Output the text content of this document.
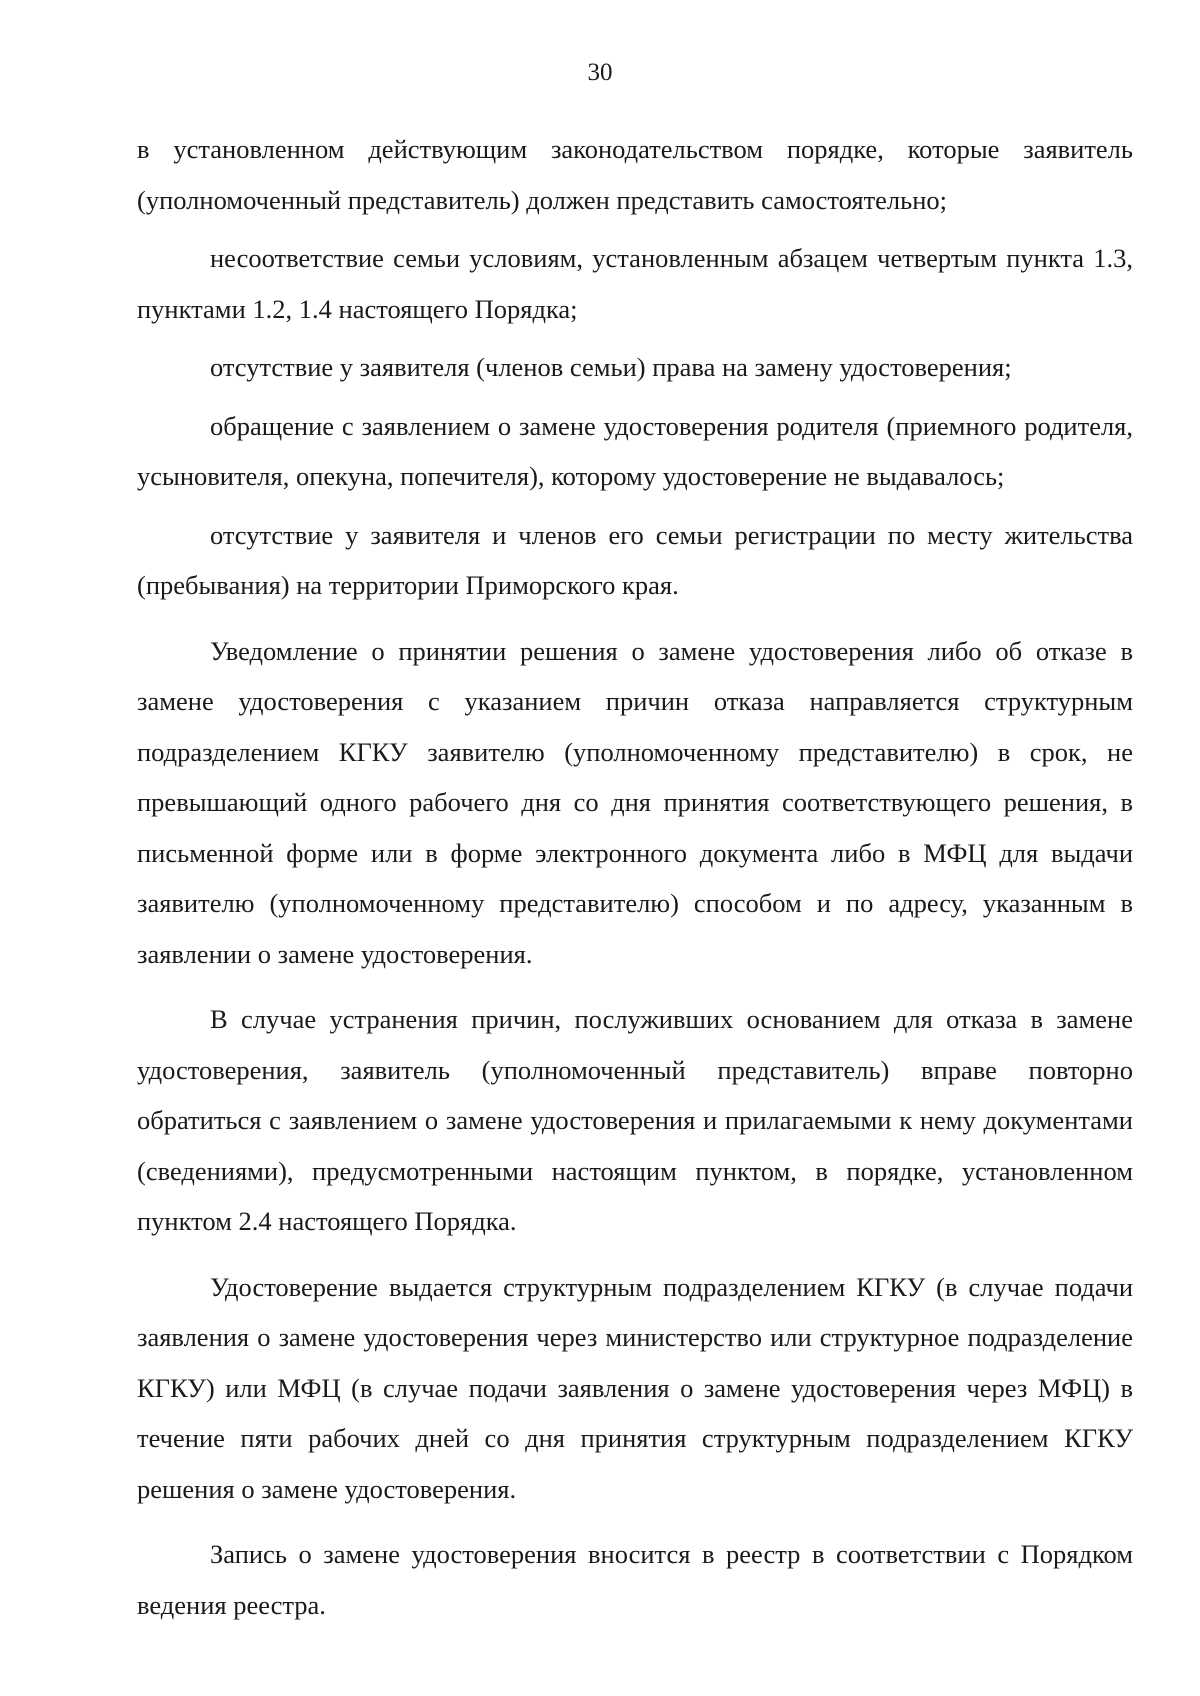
30

в установленном действующим законодательством порядке, которые заявитель (уполномоченный представитель) должен представить самостоятельно;

несоответствие семьи условиям, установленным абзацем четвертым пункта 1.3, пунктами 1.2, 1.4 настоящего Порядка;

отсутствие у заявителя (членов семьи) права на замену удостоверения;

обращение с заявлением о замене удостоверения родителя (приемного родителя, усыновителя, опекуна, попечителя), которому удостоверение не выдавалось;

отсутствие у заявителя и членов его семьи регистрации по месту жительства (пребывания) на территории Приморского края.

Уведомление о принятии решения о замене удостоверения либо об отказе в замене удостоверения с указанием причин отказа направляется структурным подразделением КГКУ заявителю (уполномоченному представителю) в срок, не превышающий одного рабочего дня со дня принятия соответствующего решения, в письменной форме или в форме электронного документа либо в МФЦ для выдачи заявителю (уполномоченному представителю) способом и по адресу, указанным в заявлении о замене удостоверения.

В случае устранения причин, послуживших основанием для отказа в замене удостоверения, заявитель (уполномоченный представитель) вправе повторно обратиться с заявлением о замене удостоверения и прилагаемыми к нему документами (сведениями), предусмотренными настоящим пунктом, в порядке, установленном пунктом 2.4 настоящего Порядка.

Удостоверение выдается структурным подразделением КГКУ (в случае подачи заявления о замене удостоверения через министерство или структурное подразделение КГКУ) или МФЦ (в случае подачи заявления о замене удостоверения через МФЦ) в течение пяти рабочих дней со дня принятия структурным подразделением КГКУ решения о замене удостоверения.

Запись о замене удостоверения вносится в реестр в соответствии с Порядком ведения реестра.
